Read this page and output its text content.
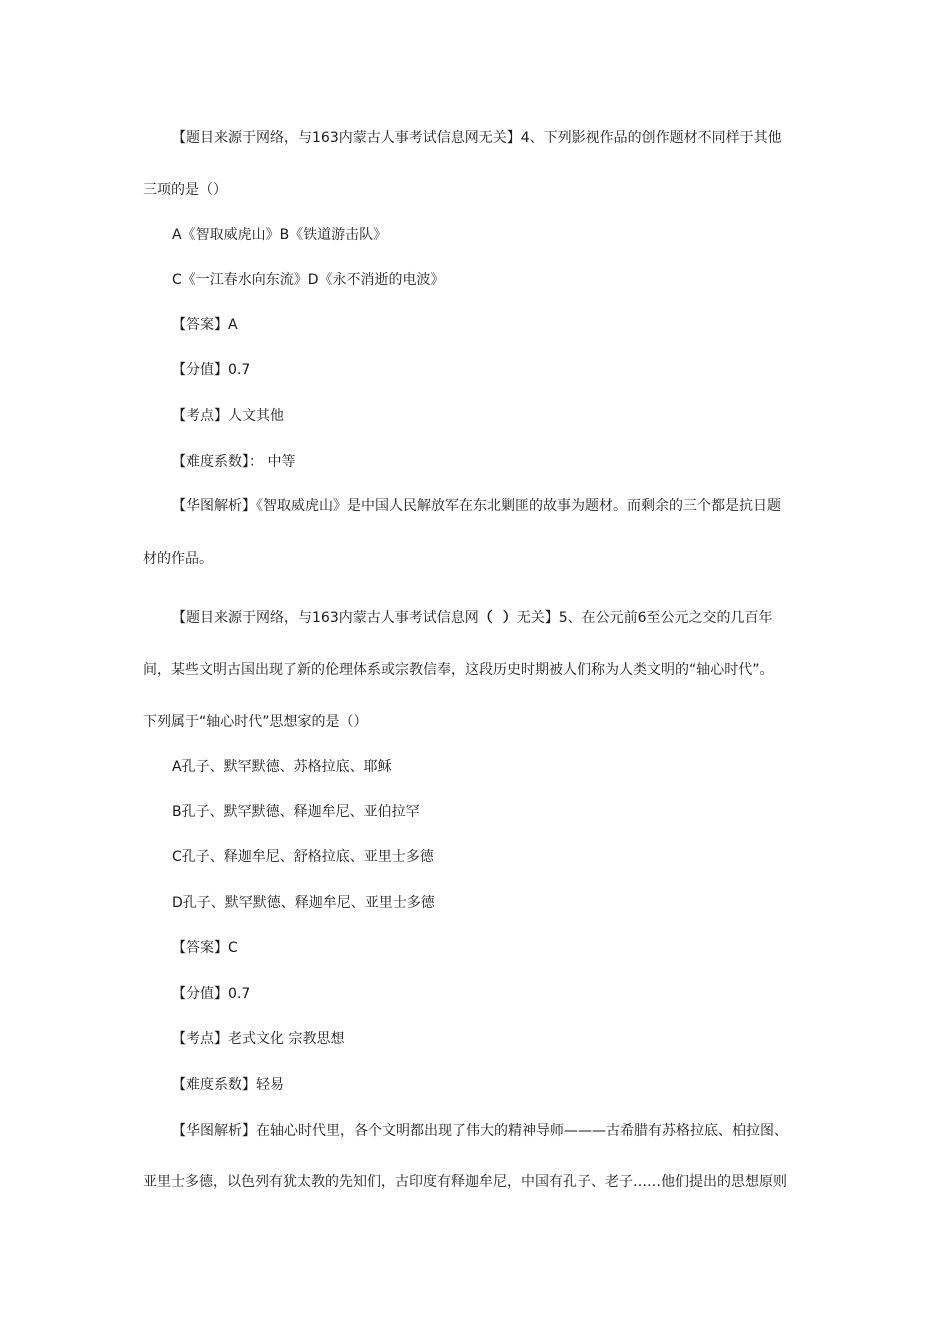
【题目来源于网络，与163内蒙古人事考试信息网无关】4、下列影视作品的创作题材不同样于其他
三项的是（）
A《智取威虎山》B《铁道游击队》
C《一江春水向东流》D《永不消逝的电波》
【答案】A
【分值】0.7
【考点】人文其他
【难度系数】： 中等
【华图解析】《智取威虎山》是中国人民解放军在东北剿匪的故事为题材。而剩余的三个都是抗日题
材的作品。
【题目来源于网络，与163内蒙古人事考试信息网（ ）无关】5、在公元前6至公元之交的几百年
间，某些文明古国出现了新的伦理体系或宗教信奉，这段历史时期被人们称为人类文明的“轴心时代”。
下列属于“轴心时代”思想家的是（）
A孔子、默罕默德、苏格拉底、耶稣
B孔子、默罕默德、释迦牟尼、亚伯拉罕
C孔子、释迦牟尼、舒格拉底、亚里士多德
D孔子、默罕默德、释迦牟尼、亚里士多德
【答案】C
【分值】0.7
【考点】老式文化 宗教思想
【难度系数】轻易
【华图解析】在轴心时代里，各个文明都出现了伟大的精神导师———古希腊有苏格拉底、柏拉图、
亚里士多德，以色列有犹太教的先知们，古印度有释迦牟尼，中国有孔子、老子……他们提出的思想原则
